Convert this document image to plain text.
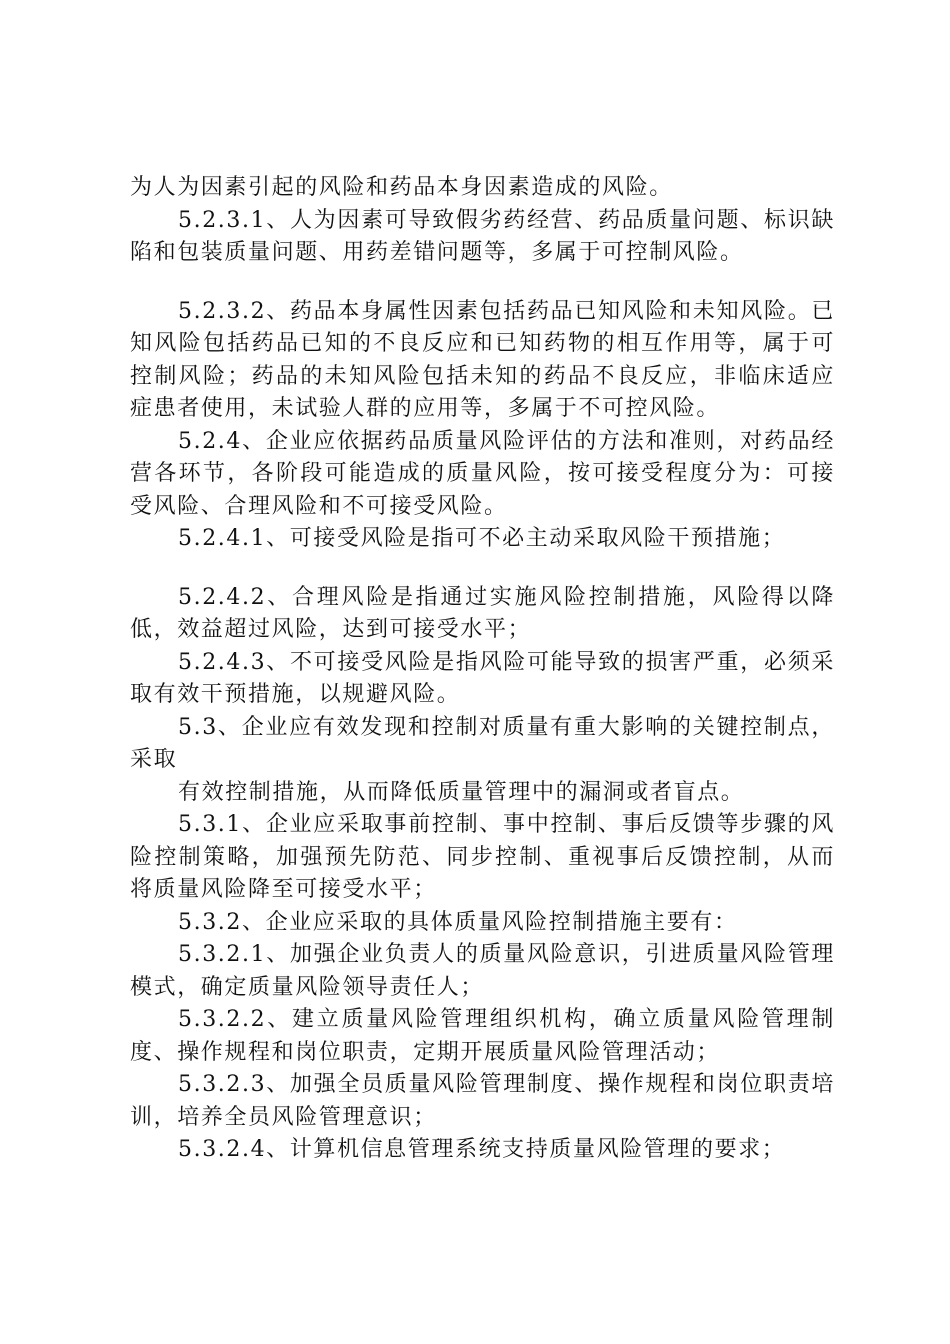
为人为因素引起的风险和药品本身因素造成的风险。

5.2.3.1、人为因素可导致假劣药经营、药品质量问题、标识缺陷和包装质量问题、用药差错问题等，多属于可控制风险。

5.2.3.2、药品本身属性因素包括药品已知风险和未知风险。已知风险包括药品已知的不良反应和已知药物的相互作用等，属于可控制风险；药品的未知风险包括未知的药品不良反应，非临床适应症患者使用，未试验人群的应用等，多属于不可控风险。

5.2.4、企业应依据药品质量风险评估的方法和准则，对药品经营各环节，各阶段可能造成的质量风险，按可接受程度分为：可接受风险、合理风险和不可接受风险。

5.2.4.1、可接受风险是指可不必主动采取风险干预措施；

5.2.4.2、合理风险是指通过实施风险控制措施，风险得以降低，效益超过风险，达到可接受水平；

5.2.4.3、不可接受风险是指风险可能导致的损害严重，必须采取有效干预措施，以规避风险。

5.3、企业应有效发现和控制对质量有重大影响的关键控制点，采取

有效控制措施，从而降低质量管理中的漏洞或者盲点。

5.3.1、企业应采取事前控制、事中控制、事后反馈等步骤的风险控制策略，加强预先防范、同步控制、重视事后反馈控制，从而将质量风险降至可接受水平；

5.3.2、企业应采取的具体质量风险控制措施主要有：

5.3.2.1、加强企业负责人的质量风险意识，引进质量风险管理模式，确定质量风险领导责任人；

5.3.2.2、建立质量风险管理组织机构，确立质量风险管理制度、操作规程和岗位职责，定期开展质量风险管理活动；

5.3.2.3、加强全员质量风险管理制度、操作规程和岗位职责培训，培养全员风险管理意识；

5.3.2.4、计算机信息管理系统支持质量风险管理的要求；
